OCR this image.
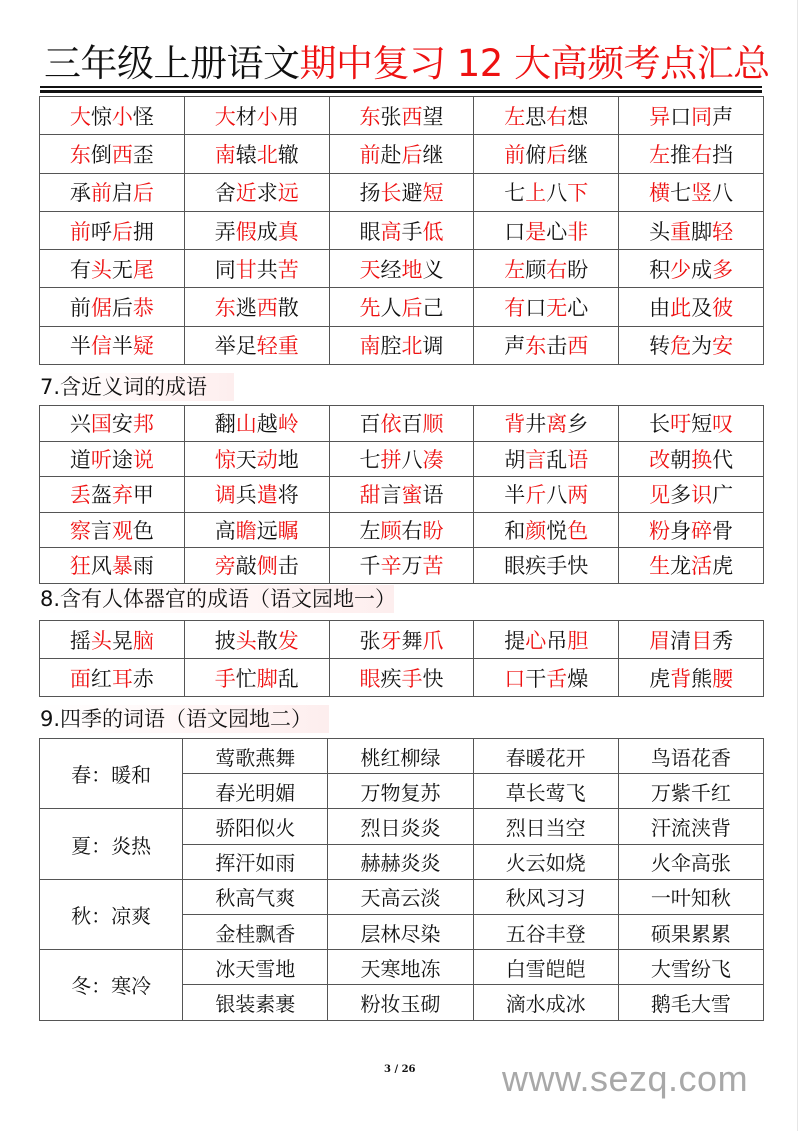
三年级上册语文期中复习 12 大高频考点汇总
大惊小怪	大材小用	东张西望	左思右想	异口同声
东倒西歪	南辕北辙	前赴后继	前俯后继	左推右挡
承前启后	舍近求远	扬长避短	七上八下	横七竖八
前呼后拥	弄假成真	眼高手低	口是心非	头重脚轻
有头无尾	同甘共苦	天经地义	左顾右盼	积少成多
前倨后恭	东逃西散	先人后己	有口无心	由此及彼
半信半疑	举足轻重	南腔北调	声东击西	转危为安
7.含近义词的成语
兴国安邦	翻山越岭	百依百顺	背井离乡	长吁短叹
道听途说	惊天动地	七拼八凑	胡言乱语	改朝换代
丢盔弃甲	调兵遣将	甜言蜜语	半斤八两	见多识广
察言观色	高瞻远瞩	左顾右盼	和颜悦色	粉身碎骨
狂风暴雨	旁敲侧击	千辛万苦	眼疾手快	生龙活虎
8.含有人体器官的成语（语文园地一）
摇头晃脑	披头散发	张牙舞爪	提心吊胆	眉清目秀
面红耳赤	手忙脚乱	眼疾手快	口干舌燥	虎背熊腰
9.四季的词语（语文园地二）
春：暖和	莺歌燕舞	桃红柳绿	春暖花开	鸟语花香
	春光明媚	万物复苏	草长莺飞	万紫千红
夏：炎热	骄阳似火	烈日炎炎	烈日当空	汗流浃背
	挥汗如雨	赫赫炎炎	火云如烧	火伞高张
秋：凉爽	秋高气爽	天高云淡	秋风习习	一叶知秋
	金桂飘香	层林尽染	五谷丰登	硕果累累
冬：寒冷	冰天雪地	天寒地冻	白雪皑皑	大雪纷飞
	银装素裹	粉妆玉砌	滴水成冰	鹅毛大雪
3 / 26 www.sezq.com
